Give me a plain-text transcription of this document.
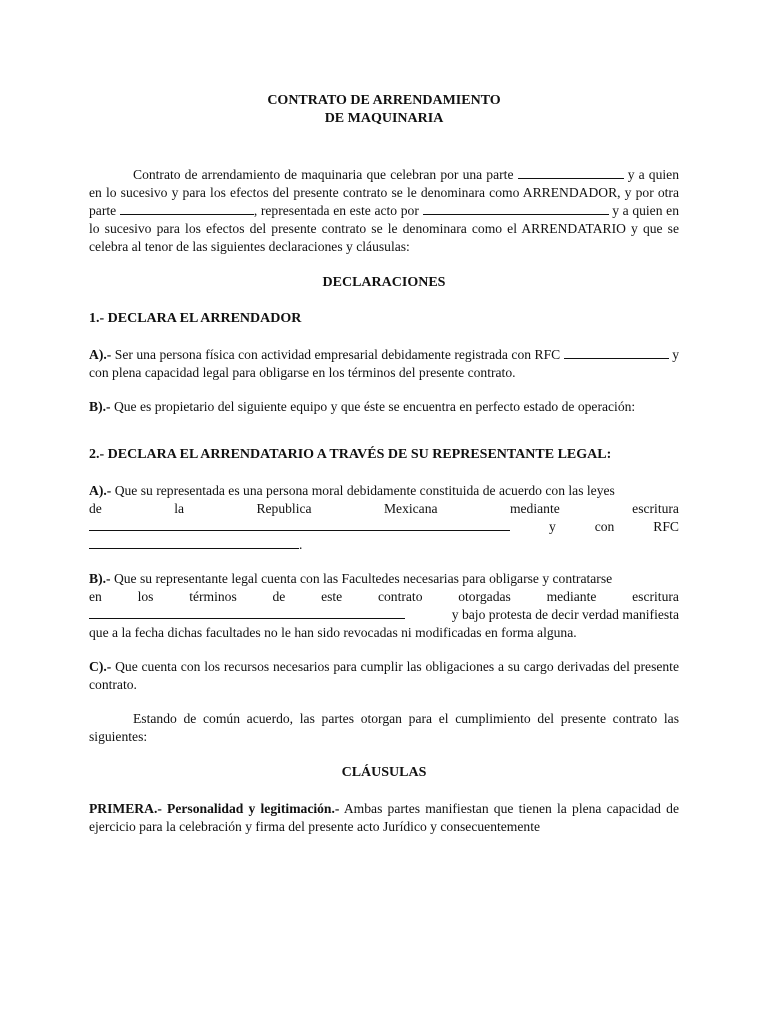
CONTRATO DE ARRENDAMIENTO
DE MAQUINARIA

Contrato de arrendamiento de maquinaria que celebran por una parte	y a quien en lo sucesivo y para los efectos del presente contrato se le denominara como ARRENDADOR, y por otra parte	, representada en este acto por	y a quien en lo sucesivo para los efectos del presente contrato se le denominara como el ARRENDATARIO y que se celebra al tenor de las siguientes declaraciones y cláusulas:

DECLARACIONES
1.- DECLARA EL ARRENDADOR

A).- Ser una persona física con actividad empresarial debidamente registrada con RFC	y con plena capacidad legal para obligarse en los términos del presente contrato.

B).- Que es propietario del siguiente equipo y que éste se encuentra en perfecto estado de operación:

2.- DECLARA EL ARRENDATARIO A TRAVÉS DE SU REPRESENTANTE LEGAL:

A).- Que su representada es una persona moral debidamente constituida de acuerdo con las leyes

de	la	Republica	Mexicana	mediante	escritura
y	con	RFC
.

B).- Que su representante legal cuenta con las Facultedes necesarias para obligarse y contratarse

en	los	términos	de	este	contrato	otorgadas	mediante	escritura
y bajo protesta de decir verdad manifiesta

que a la fecha dichas facultades no le han sido revocadas ni modificadas en forma alguna.

C).- Que cuenta con los recursos necesarios para cumplir las obligaciones a su cargo derivadas del presente contrato.

Estando de común acuerdo, las partes otorgan para el cumplimiento del presente contrato las siguientes:

CLÁUSULAS

PRIMERA.- Personalidad y legitimación.- Ambas partes manifiestan que tienen la plena capacidad de ejercicio para la celebración y firma del presente acto Jurídico y consecuentemente
